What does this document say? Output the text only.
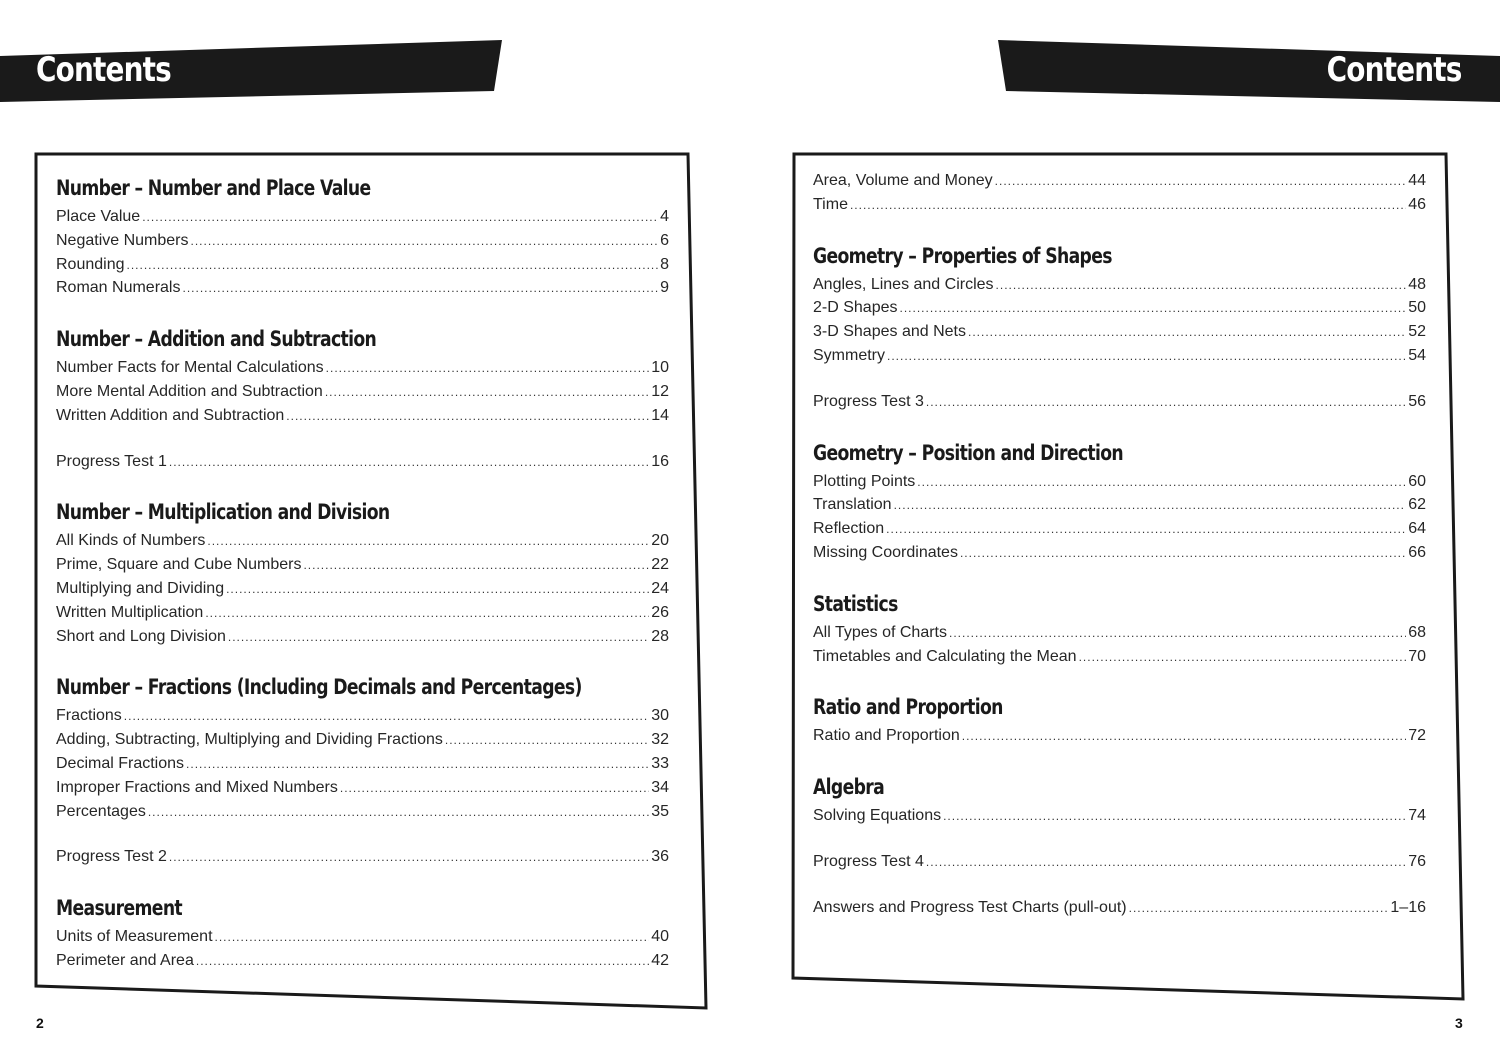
Contents	Contents
Number – Number and Place Value
Place Value .....	4
Negative Numbers .....	6
Rounding .....	8
Roman Numerals .....	9
Number – Addition and Subtraction
Number Facts for Mental Calculations .....	10
More Mental Addition and Subtraction .....	12
Written Addition and Subtraction .....	14
Progress Test 1 .....	16
Number – Multiplication and Division
All Kinds of Numbers .....	20
Prime, Square and Cube Numbers .....	22
Multiplying and Dividing .....	24
Written Multiplication .....	26
Short and Long Division .....	28
Number – Fractions (Including Decimals and Percentages)
Fractions .....	30
Adding, Subtracting, Multiplying and Dividing Fractions .....	32
Decimal Fractions .....	33
Improper Fractions and Mixed Numbers .....	34
Percentages .....	35
Progress Test 2 .....	36
Measurement
Units of Measurement .....	40
Perimeter and Area .....	42
Area, Volume and Money .....	44
Time .....	46
Geometry – Properties of Shapes
Angles, Lines and Circles .....	48
2-D Shapes .....	50
3-D Shapes and Nets .....	52
Symmetry .....	54
Progress Test 3 .....	56
Geometry – Position and Direction
Plotting Points .....	60
Translation .....	62
Reflection .....	64
Missing Coordinates .....	66
Statistics
All Types of Charts .....	68
Timetables and Calculating the Mean .....	70
Ratio and Proportion
Ratio and Proportion .....	72
Algebra
Solving Equations .....	74
Progress Test 4 .....	76
Answers and Progress Test Charts (pull-out) .....	1–16
2	3
